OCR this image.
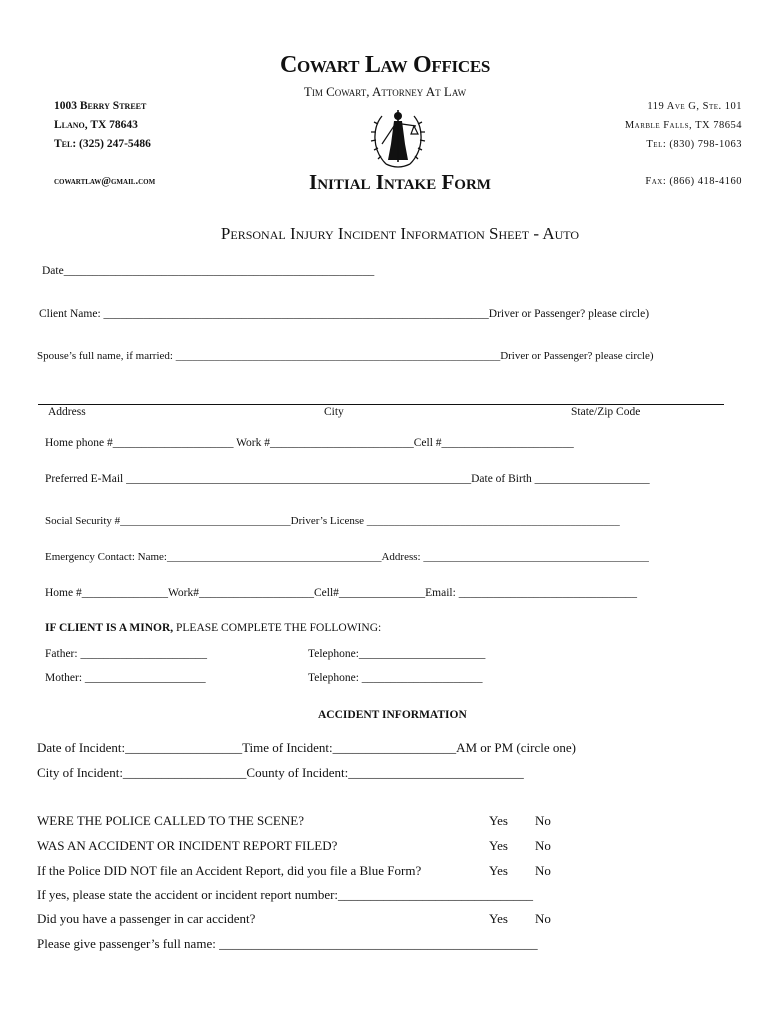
Cowart Law Offices
Tim Cowart, Attorney At Law
1003 Berry Street
Llano, TX 78643
Tel: (325) 247-5486
cowartlaw@gmail.com
119 Ave G, Ste. 101
Marble Falls, TX 78654
Tel: (830) 798-1063
Fax: (866) 418-4160
Initial Intake Form
Personal Injury Incident Information Sheet - Auto
Date______________________________________________________
Client Name: ___________________________________________________________________Driver or Passenger? please circle)
Spouse’s full name, if married: ___________________________________________________________Driver or Passenger? please circle)
Address	City	State/Zip Code
Home phone #_____________________ Work #_________________________Cell #_______________________
Preferred E-Mail ____________________________________________________________Date of Birth ____________________
Social Security #_______________________________Driver’s License ______________________________________________
Emergency Contact: Name:_______________________________________Address: _________________________________________
Home #_______________Work#____________________Cell#_______________Email: _______________________________
IF CLIENT IS A MINOR, PLEASE COMPLETE THE FOLLOWING:
Father: ______________________	Telephone:______________________
Mother: _____________________	Telephone: _____________________
ACCIDENT INFORMATION
Date of Incident:__________________Time of Incident:___________________AM or PM (circle one)
City of Incident:___________________County of Incident:___________________________
WERE THE POLICE CALLED TO THE SCENE?	Yes No
WAS AN ACCIDENT OR INCIDENT REPORT FILED?	Yes No
If the Police DID NOT file an Accident Report, did you file a Blue Form?	Yes No
If yes, please state the accident or incident report number:______________________________
Did you have a passenger in car accident?	Yes No
Please give passenger’s full name: _________________________________________________
